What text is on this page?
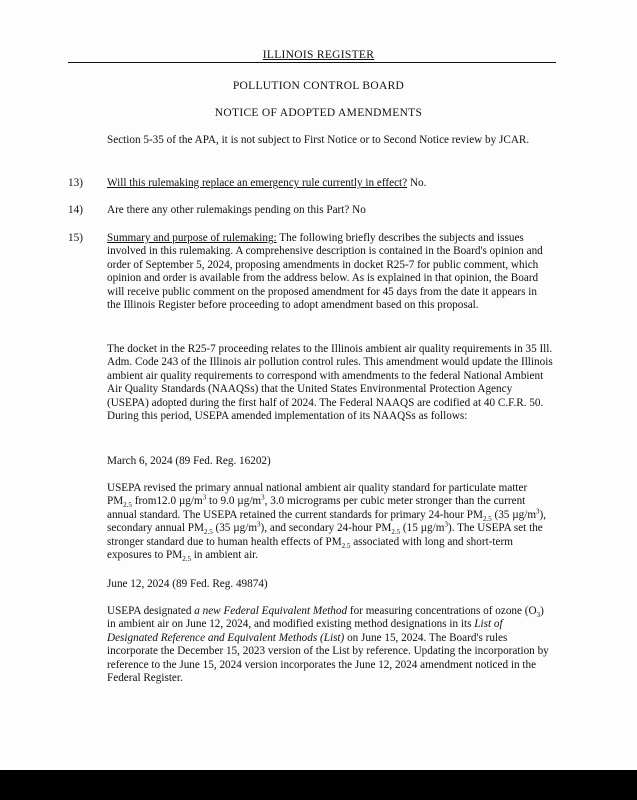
ILLINOIS REGISTER
POLLUTION CONTROL BOARD
NOTICE OF ADOPTED AMENDMENTS
Section 5-35 of the APA, it is not subject to First Notice or to Second Notice review by JCAR.
13) Will this rulemaking replace an emergency rule currently in effect? No.
14) Are there any other rulemakings pending on this Part? No
15) Summary and purpose of rulemaking: The following briefly describes the subjects and issues involved in this rulemaking. A comprehensive description is contained in the Board's opinion and order of September 5, 2024, proposing amendments in docket R25-7 for public comment, which opinion and order is available from the address below. As is explained in that opinion, the Board will receive public comment on the proposed amendment for 45 days from the date it appears in the Illinois Register before proceeding to adopt amendment based on this proposal.
The docket in the R25-7 proceeding relates to the Illinois ambient air quality requirements in 35 Ill. Adm. Code 243 of the Illinois air pollution control rules. This amendment would update the Illinois ambient air quality requirements to correspond with amendments to the federal National Ambient Air Quality Standards (NAAQSs) that the United States Environmental Protection Agency (USEPA) adopted during the first half of 2024. The Federal NAAQS are codified at 40 C.F.R. 50. During this period, USEPA amended implementation of its NAAQSs as follows:
March 6, 2024 (89 Fed. Reg. 16202)
USEPA revised the primary annual national ambient air quality standard for particulate matter $PM_{2.5}$ from12.0 $\mu g/m^3$ to 9.0 $\mu g/m^3$, 3.0 micrograms per cubic meter stronger than the current annual standard. The USEPA retained the current standards for primary 24-hour $PM_{2.5}$ (35 $\mu g/m^3$), secondary annual $PM_{2.5}$ (35 $\mu g/m^3$), and secondary 24-hour $PM_{2.5}$ (15 $\mu g/m^3$). The USEPA set the stronger standard due to human health effects of $PM_{2.5}$ associated with long and short-term exposures to $PM_{2.5}$ in ambient air.
June 12, 2024 (89 Fed. Reg. 49874)
USEPA designated a new Federal Equivalent Method for measuring concentrations of ozone $(O_3)$ in ambient air on June 12, 2024, and modified existing method designations in its List of Designated Reference and Equivalent Methods (List) on June 15, 2024. The Board's rules incorporate the December 15, 2023 version of the List by reference. Updating the incorporation by reference to the June 15, 2024 version incorporates the June 12, 2024 amendment noticed in the Federal Register.
